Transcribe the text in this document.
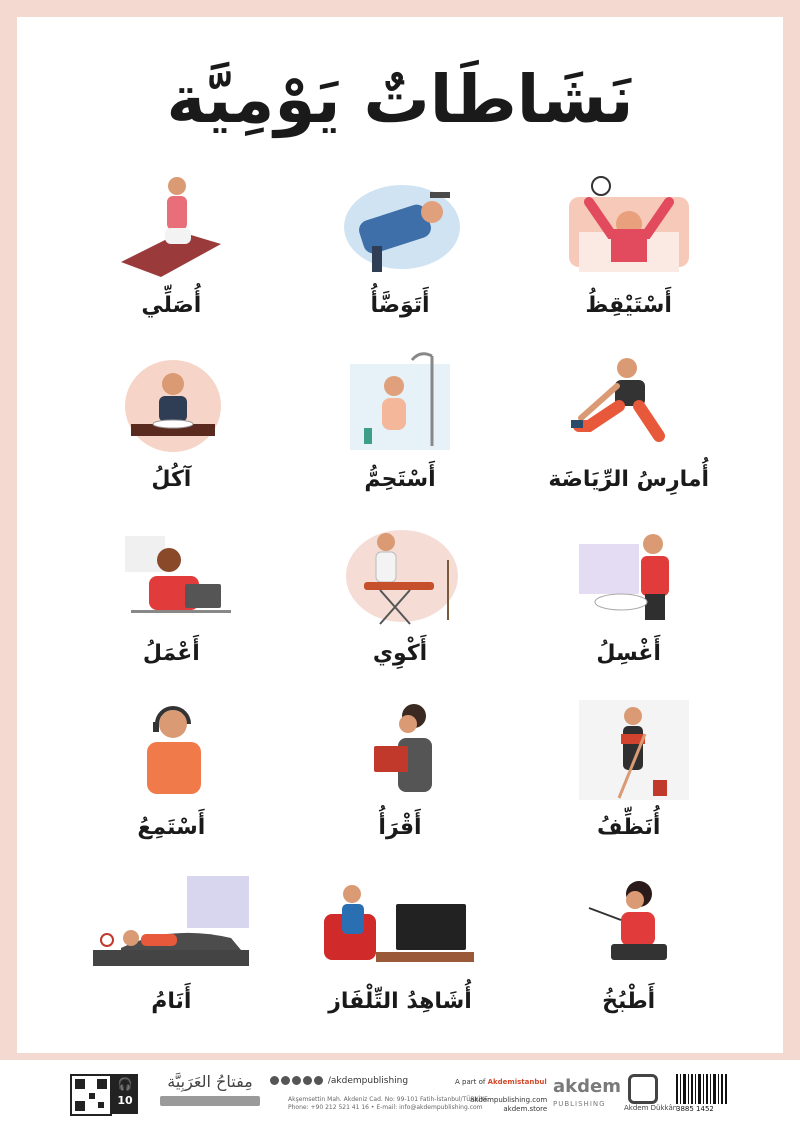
نَشَاطَاتٌ يَوْمِيَّة
أَسْتَيْقِظُ
أَتَوَضَّأُ
أُصَلِّي
أُمارِسُ الرِّيَاضَة
أَسْتَحِمُّ
آكُلُ
أَغْسِلُ
أَكْوِي
أَعْمَلُ
أُنَظِّفُ
أَقْرَأُ
أَسْتَمِعُ
أَطْبُخُ
أُشَاهِدُ التِّلْفَاز
أَنَامُ
🎧
10
مِفتاحُ العَرَبِيَّة	/akdempublishing
Akşemsettin Mah. Akdeniz Cad. No: 99-101 Fatih-İstanbul/TÜRKİYE
Phone: +90 212 521 41 16 • E-mail: info@akdempublishing.com
A part of Akdemistanbul
akdempublishing.com
akdem.store
akdem
PUBLISHING	Akdem Dükkân
3885 1452
